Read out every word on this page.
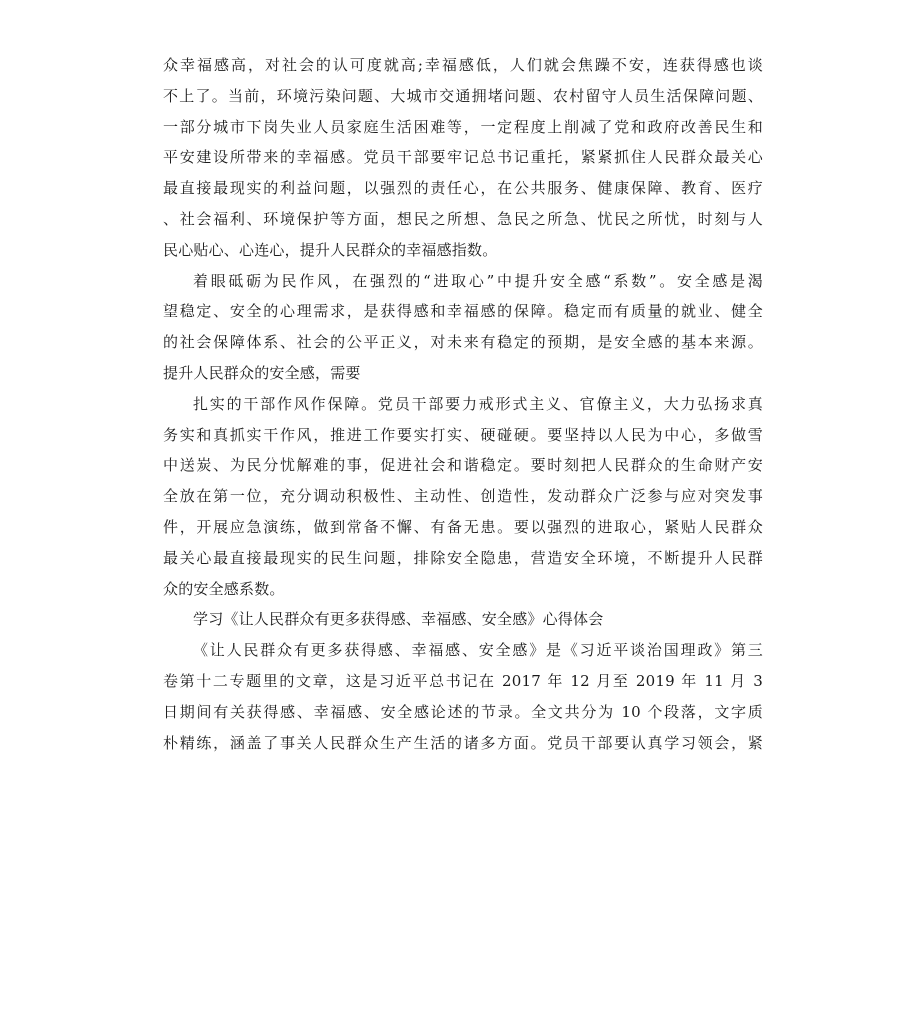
众幸福感高，对社会的认可度就高;幸福感低，人们就会焦躁不安，连获得感也谈
不上了。当前，环境污染问题、大城市交通拥堵问题、农村留守人员生活保障问题、
一部分城市下岗失业人员家庭生活困难等，一定程度上削减了党和政府改善民生和
平安建设所带来的幸福感。党员干部要牢记总书记重托，紧紧抓住人民群众最关心
最直接最现实的利益问题，以强烈的责任心，在公共服务、健康保障、教育、医疗
、社会福利、环境保护等方面，想民之所想、急民之所急、忧民之所忧，时刻与人
民心贴心、心连心，提升人民群众的幸福感指数。
着眼砥砺为民作风，在强烈的“进取心”中提升安全感“系数”。安全感是渴
望稳定、安全的心理需求，是获得感和幸福感的保障。稳定而有质量的就业、健全
的社会保障体系、社会的公平正义，对未来有稳定的预期，是安全感的基本来源。
提升人民群众的安全感，需要
扎实的干部作风作保障。党员干部要力戒形式主义、官僚主义，大力弘扬求真
务实和真抓实干作风，推进工作要实打实、硬碰硬。要坚持以人民为中心，多做雪
中送炭、为民分忧解难的事，促进社会和谐稳定。要时刻把人民群众的生命财产安
全放在第一位，充分调动积极性、主动性、创造性，发动群众广泛参与应对突发事
件，开展应急演练，做到常备不懈、有备无患。要以强烈的进取心，紧贴人民群众
最关心最直接最现实的民生问题，排除安全隐患，营造安全环境，不断提升人民群
众的安全感系数。
学习《让人民群众有更多获得感、幸福感、安全感》心得体会
《让人民群众有更多获得感、幸福感、安全感》是《习近平谈治国理政》第三
卷第十二专题里的文章，这是习近平总书记在 2017 年 12 月至 2019 年 11 月 3
日期间有关获得感、幸福感、安全感论述的节录。全文共分为 10 个段落，文字质
朴精练，涵盖了事关人民群众生产生活的诸多方面。党员干部要认真学习领会，紧
